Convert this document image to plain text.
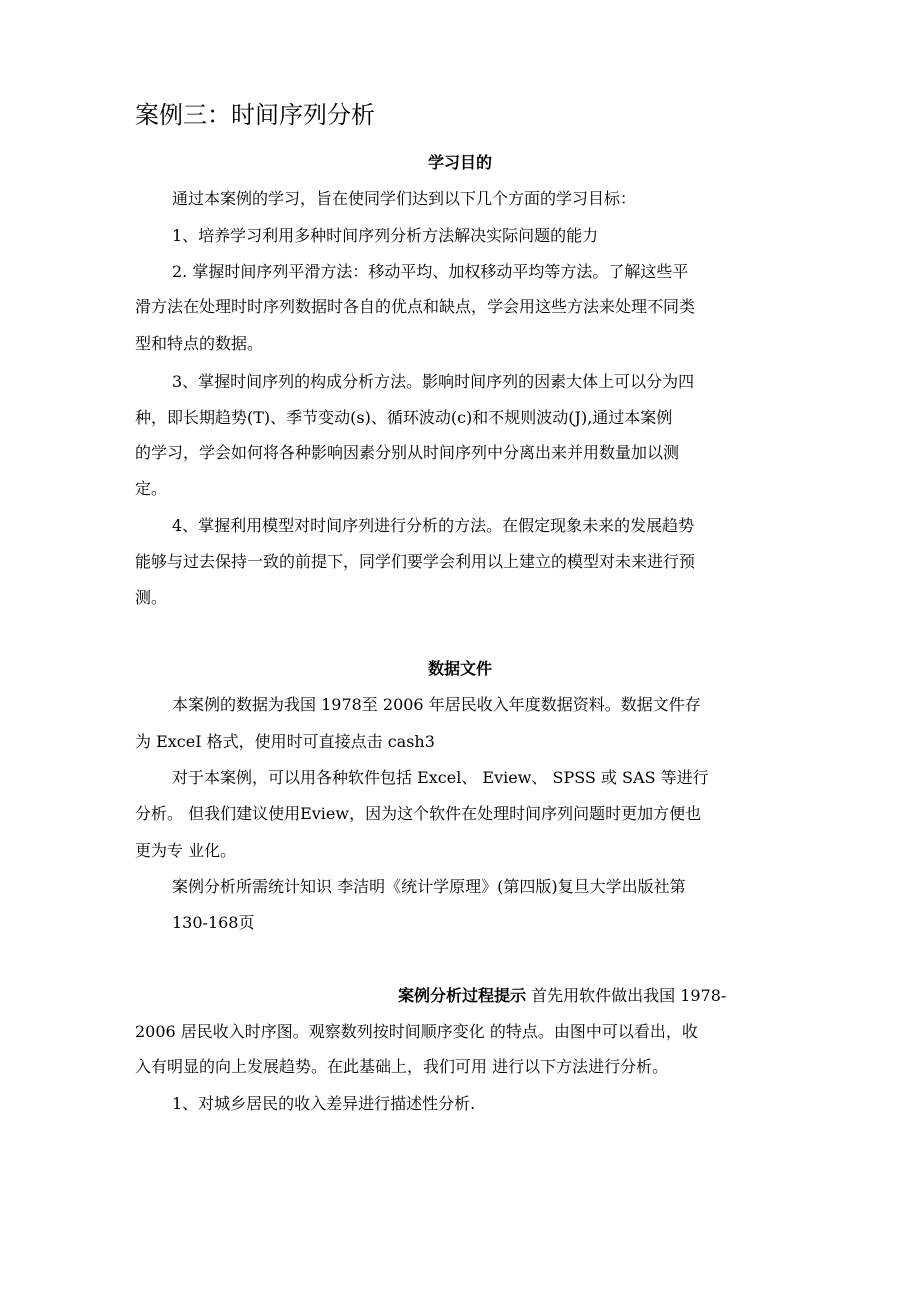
案例三：时间序列分析
学习目的
通过本案例的学习，旨在使同学们达到以下几个方面的学习目标：
1、培养学习利用多种时间序列分析方法解决实际问题的能力
2. 掌握时间序列平滑方法：移动平均、加权移动平均等方法。了解这些平
滑方法在处理时时序列数据时各自的优点和缺点，学会用这些方法来处理不同类
型和特点的数据。
3、掌握时间序列的构成分析方法。影响时间序列的因素大体上可以分为四
种，即长期趋势(T)、季节变动(s)、循环波动(c)和不规则波动(J),通过本案例
的学习，学会如何将各种影响因素分别从时间序列中分离出来并用数量加以测
定。
4、掌握利用模型对时间序列进行分析的方法。在假定现象未来的发展趋势
能够与过去保持一致的前提下，同学们要学会利用以上建立的模型对未来进行预
测。
数据文件
本案例的数据为我国 1978至 2006 年居民收入年度数据资料。数据文件存
为 ExceI 格式，使用时可直接点击 cash3
对于本案例，可以用各种软件包括 Excel、 Eview、 SPSS 或 SAS 等进行
分析。 但我们建议使用Eview，因为这个软件在处理时间序列问题时更加方便也
更为专 业化。
案例分析所需统计知识 李洁明《统计学原理》(第四版)复旦大学出版社第
130-168页
案例分析过程提示 首先用软件做出我国 1978-
2006 居民收入时序图。观察数列按时间顺序变化 的特点。由图中可以看出，收
入有明显的向上发展趋势。在此基础上，我们可用 进行以下方法进行分析。
1、对城乡居民的收入差异进行描述性分析.
